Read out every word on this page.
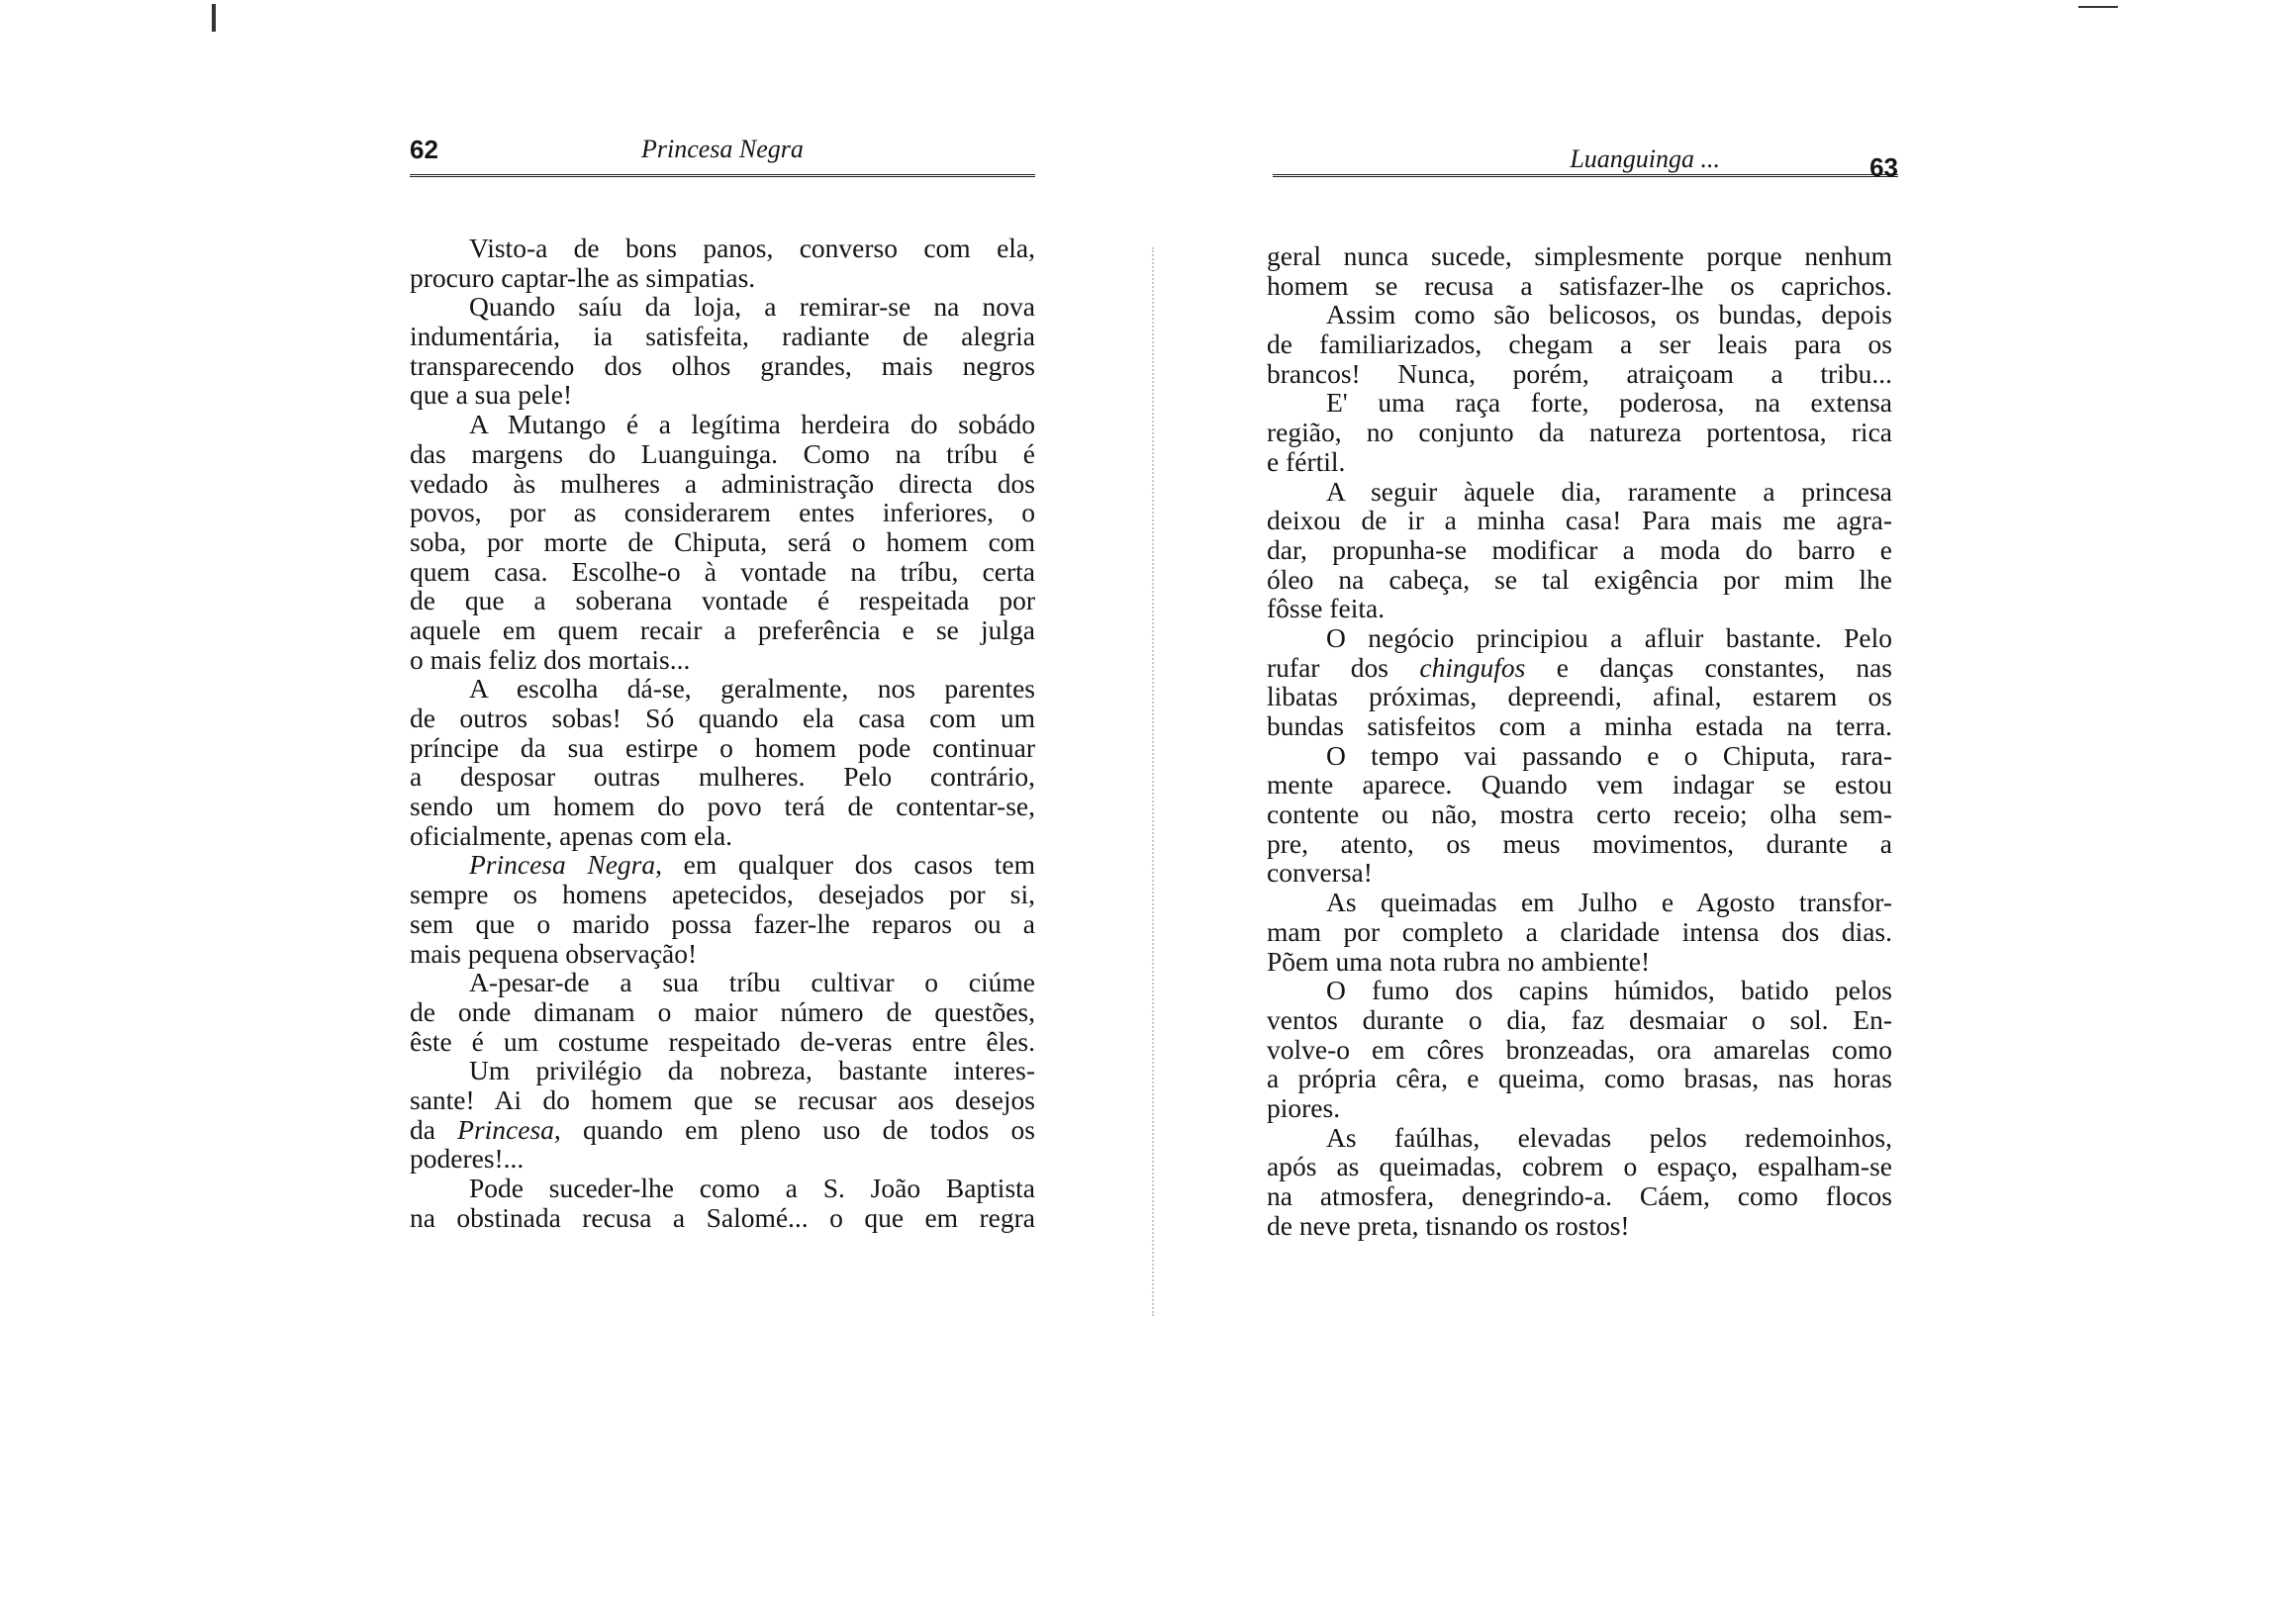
62	Princesa Negra
Visto-a de bons panos, converso com ela,
procuro captar-lhe as simpatias.
Quando saíu da loja, a remirar-se na nova
indumentária, ia satisfeita, radiante de alegria
transparecendo dos olhos grandes, mais negros
que a sua pele!
A Mutango é a legítima herdeira do sobádo
das margens do Luanguinga. Como na tríbu é
vedado às mulheres a administração directa dos
povos, por as considerarem entes inferiores, o
soba, por morte de Chiputa, será o homem com
quem casa. Escolhe-o à vontade na tríbu, certa
de que a soberana vontade é respeitada por
aquele em quem recair a preferência e se julga
o mais feliz dos mortais...
A escolha dá-se, geralmente, nos parentes
de outros sobas! Só quando ela casa com um
príncipe da sua estirpe o homem pode continuar
a desposar outras mulheres. Pelo contrário,
sendo um homem do povo terá de contentar-se,
oficialmente, apenas com ela.
Princesa Negra, em qualquer dos casos tem
sempre os homens apetecidos, desejados por si,
sem que o marido possa fazer-lhe reparos ou a
mais pequena observação!
A-pesar-de a sua tríbu cultivar o ciúme
de onde dimanam o maior número de questões,
êste é um costume respeitado de-veras entre êles.
Um privilégio da nobreza, bastante interes-
sante! Ai do homem que se recusar aos desejos
da Princesa, quando em pleno uso de todos os
poderes!...
Pode suceder-lhe como a S. João Baptista
na obstinada recusa a Salomé... o que em regra
Luanguinga ...	63
geral nunca sucede, simplesmente porque nenhum
homem se recusa a satisfazer-lhe os caprichos.
Assim como são belicosos, os bundas, depois
de familiarizados, chegam a ser leais para os
brancos! Nunca, porém, atraiçoam a tribu...
E' uma raça forte, poderosa, na extensa
região, no conjunto da natureza portentosa, rica
e fértil.
A seguir àquele dia, raramente a princesa
deixou de ir a minha casa! Para mais me agra-
dar, propunha-se modificar a moda do barro e
óleo na cabeça, se tal exigência por mim lhe
fôsse feita.
O negócio principiou a afluir bastante. Pelo
rufar dos chingufos e danças constantes, nas
libatas próximas, depreendi, afinal, estarem os
bundas satisfeitos com a minha estada na terra.
O tempo vai passando e o Chiputa, rara-
mente aparece. Quando vem indagar se estou
contente ou não, mostra certo receio; olha sem-
pre, atento, os meus movimentos, durante a
conversa!
As queimadas em Julho e Agosto transfor-
mam por completo a claridade intensa dos dias.
Põem uma nota rubra no ambiente!
O fumo dos capins húmidos, batido pelos
ventos durante o dia, faz desmaiar o sol. En-
volve-o em côres bronzeadas, ora amarelas como
a própria cêra, e queima, como brasas, nas horas
piores.
As faúlhas, elevadas pelos redemoinhos,
após as queimadas, cobrem o espaço, espalham-se
na atmosfera, denegrindo-a. Cáem, como flocos
de neve preta, tisnando os rostos!
